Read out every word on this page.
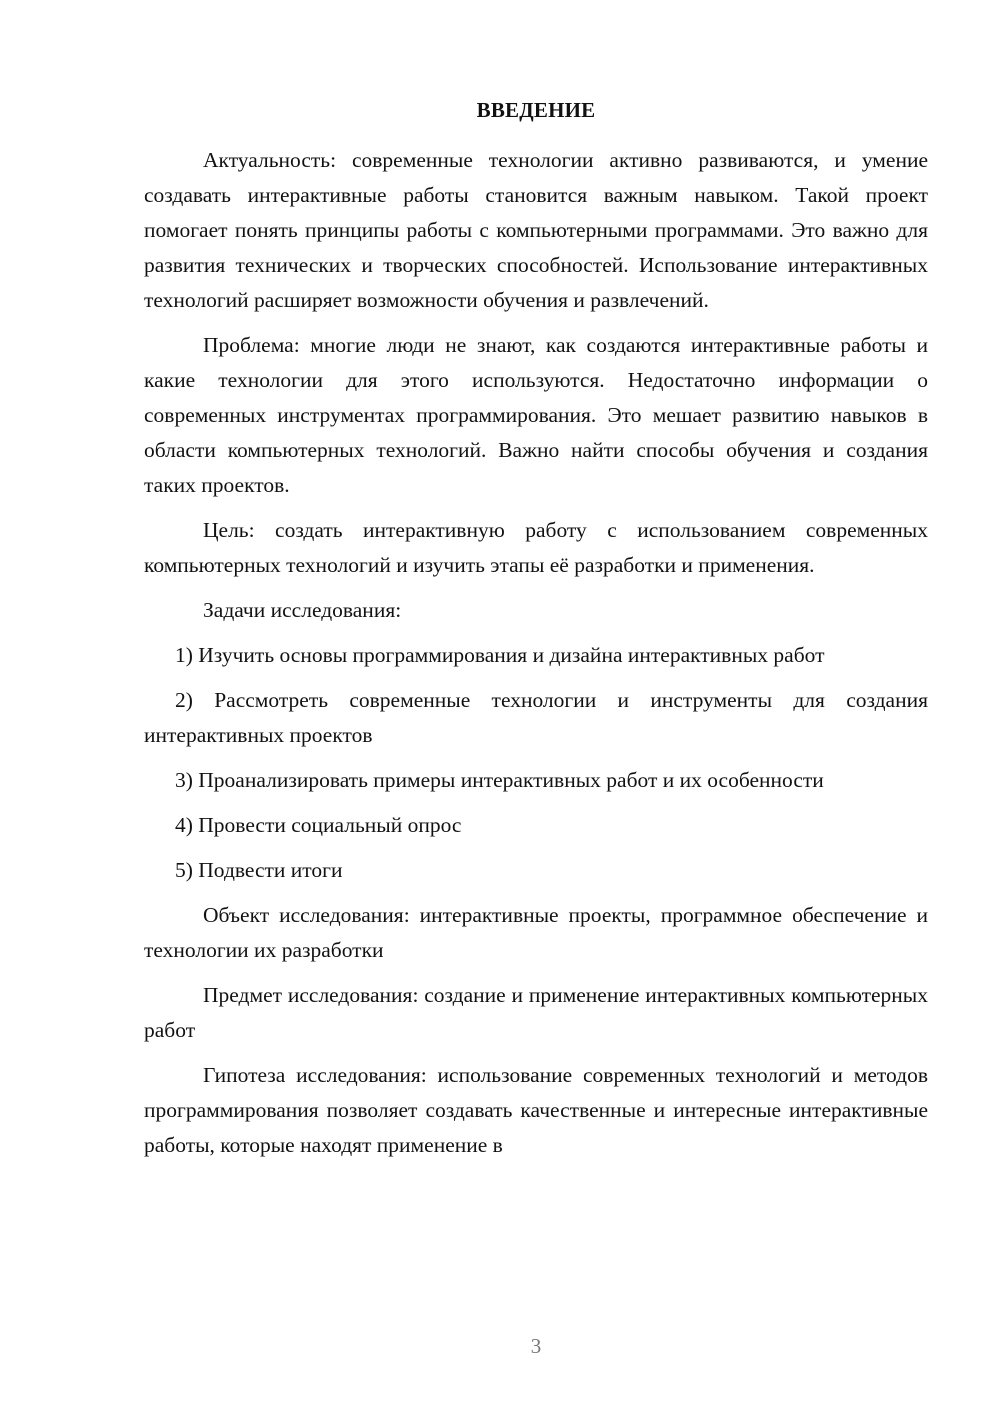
ВВЕДЕНИЕ

Актуальность: современные технологии активно развиваются, и умение создавать интерактивные работы становится важным навыком. Такой проект помогает понять принципы работы с компьютерными программами. Это важно для развития технических и творческих способностей. Использование интерактивных технологий расширяет возможности обучения и развлечений.

Проблема: многие люди не знают, как создаются интерактивные работы и какие технологии для этого используются. Недостаточно информации о современных инструментах программирования. Это мешает развитию навыков в области компьютерных технологий. Важно найти способы обучения и создания таких проектов.

Цель: создать интерактивную работу с использованием современных компьютерных технологий и изучить этапы её разработки и применения.

Задачи исследования:

1) Изучить основы программирования и дизайна интерактивных работ

2) Рассмотреть современные технологии и инструменты для создания интерактивных проектов

3) Проанализировать примеры интерактивных работ и их особенности

4) Провести социальный опрос

5) Подвести итоги

Объект исследования: интерактивные проекты, программное обеспечение и технологии их разработки

Предмет исследования: создание и применение интерактивных компьютерных работ

Гипотеза исследования: использование современных технологий и методов программирования позволяет создавать качественные и интересные интерактивные работы, которые находят применение в

3
